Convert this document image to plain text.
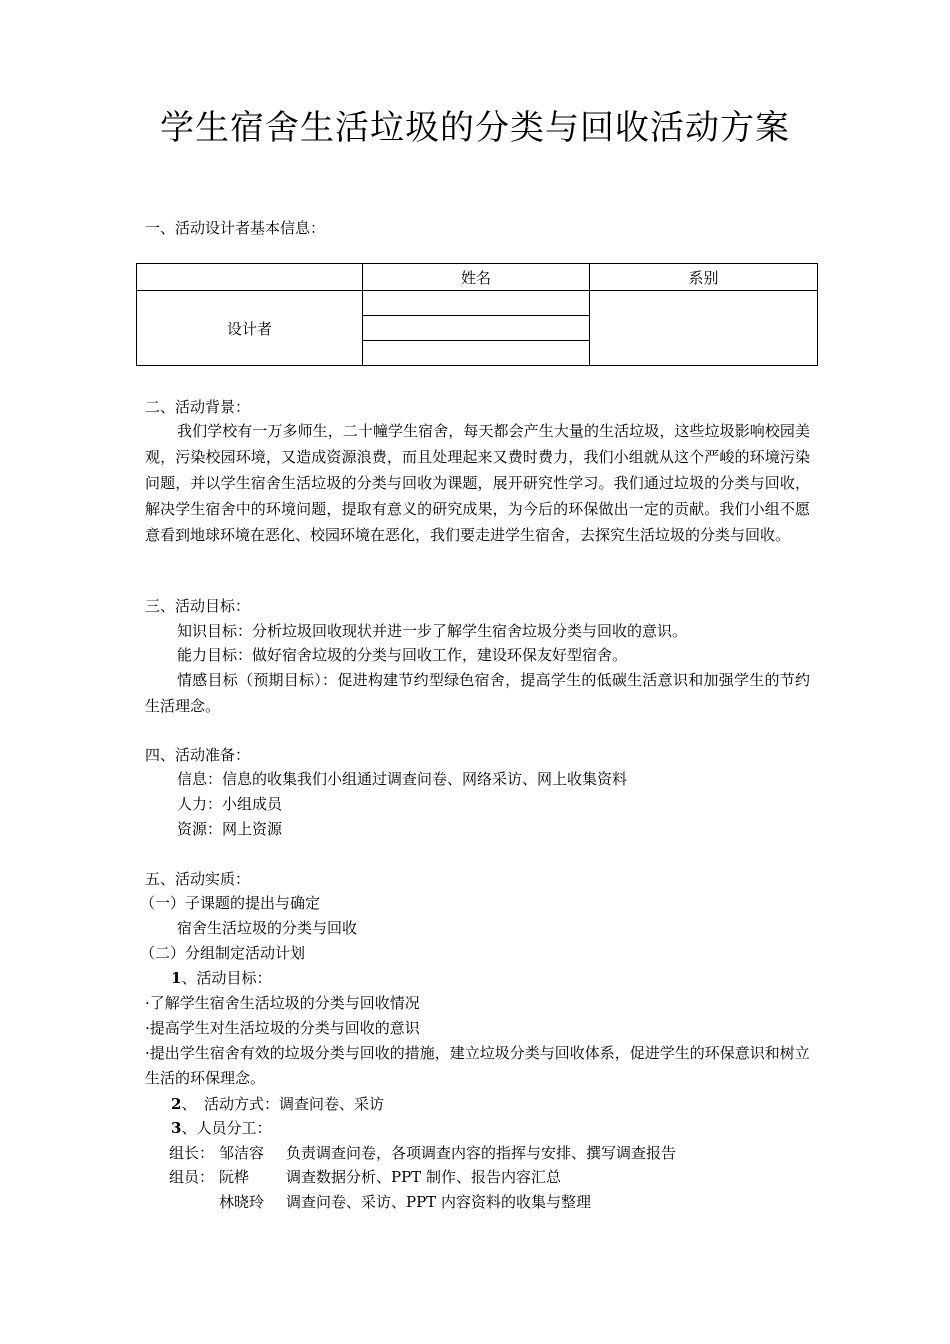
学生宿舍生活垃圾的分类与回收活动方案
一、活动设计者基本信息：
	姓名	系别
设计者		

二、活动背景：
我们学校有一万多师生，二十幢学生宿舍，每天都会产生大量的生活垃圾，这些垃圾影响校园美观，污染校园环境，又造成资源浪费，而且处理起来又费时费力，我们小组就从这个严峻的环境污染问题，并以学生宿舍生活垃圾的分类与回收为课题，展开研究性学习。我们通过垃圾的分类与回收，解决学生宿舍中的环境问题，提取有意义的研究成果，为今后的环保做出一定的贡献。我们小组不愿意看到地球环境在恶化、校园环境在恶化，我们要走进学生宿舍，去探究生活垃圾的分类与回收。
三、活动目标：
知识目标：分析垃圾回收现状并进一步了解学生宿舍垃圾分类与回收的意识。
能力目标：做好宿舍垃圾的分类与回收工作，建设环保友好型宿舍。
情感目标（预期目标）：促进构建节约型绿色宿舍，提高学生的低碳生活意识和加强学生的节约生活理念。
四、活动准备：
信息：信息的收集我们小组通过调查问卷、网络采访、网上收集资料
人力：小组成员
资源：网上资源
五、活动实质：
（一）子课题的提出与确定
宿舍生活垃圾的分类与回收
（二）分组制定活动计划
1、活动目标：
·了解学生宿舍生活垃圾的分类与回收情况
·提高学生对生活垃圾的分类与回收的意识
·提出学生宿舍有效的垃圾分类与回收的措施，建立垃圾分类与回收体系，促进学生的环保意识和树立生活的环保理念。
2、　活动方式：调查问卷、采访
3、人员分工：
组长： 邹洁容 负责调查问卷，各项调查内容的指挥与安排、撰写调查报告
组员： 阮桦 调查数据分析、PPT 制作、报告内容汇总
林晓玲 调查问卷、采访、PPT 内容资料的收集与整理
